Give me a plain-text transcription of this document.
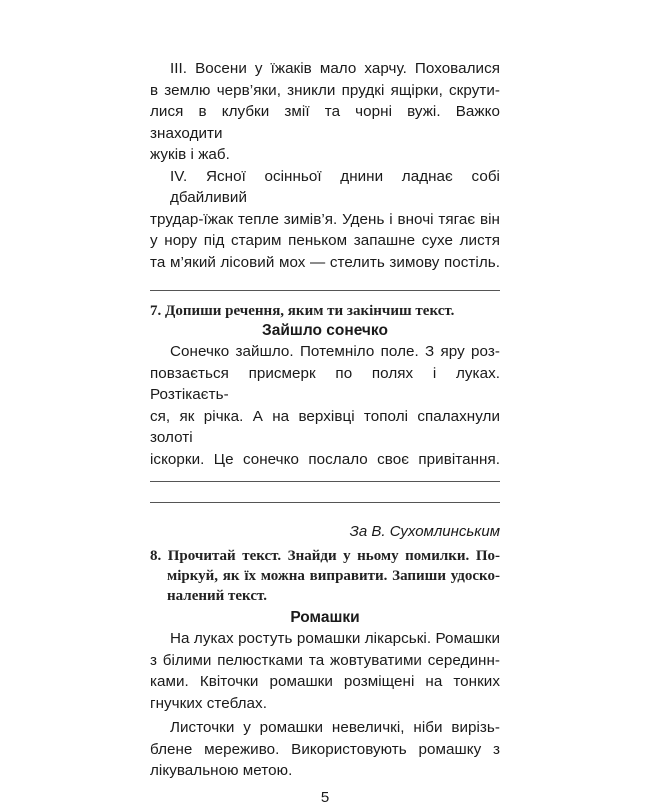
III. Восени у їжаків мало харчу. Поховалися
в землю черв’яки, зникли прудкі ящірки, скрути-
лися в клубки змії та чорні вужі. Важко знаходити
жуків і жаб.

IV. Ясної осінньої днини ладнає собі дбайливий
трудар-їжак тепле зимів’я. Удень і вночі тягає він
у нору під старим пеньком запашне сухе листя
та м’який лісовий мох — стелить зимову постіль.

7. Допиши речення, яким ти закінчиш текст.

Зайшло сонечко

Сонечко зайшло. Потемніло поле. З яру роз-
повзається присмерк по полях і луках. Розтікаєть-
ся, як річка. А на верхівці тополі спалахнули золоті
іскорки. Це сонечко послало своє привітання.

За В. Сухомлинським

8. Прочитай текст. Знайди у ньому помилки. По-
міркуй, як їх можна виправити. Запиши удоско-
налений текст.

Ромашки

На луках ростуть ромашки лікарські. Ромашки
з білими пелюстками та жовтуватими серединн-
ками. Квіточки ромашки розміщені на тонких
гнучких стеблах.

Листочки у ромашки невеличкі, ніби вирізь-
блене мереживо. Використовують ромашку з
лікувальною метою.

5
